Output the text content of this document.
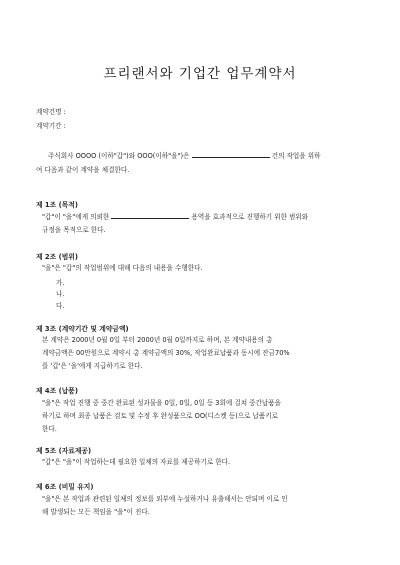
프리랜서와 기업간 업무계약서
계약건명 :
계약기간 :
주식회사 OOOO (이하"갑")와 OOO(이하"을")은	건의 작업을 위하
여 다음과 같이 계약을 체결한다.
제 1조 (목적)
"갑"이 "을"에게 의뢰한	용역을 효과적으로 진행하기 위한 범위와
규정을 목적으로 한다.
제 2조 (범위)
"을"은 "갑"의 작업범위에 대해 다음의 내용을 수행한다.
가.
나.
다.
제 3조 (계약기간 및 계약금액)
본 계약은 2000년 0월 0일 부터 2000년 0월 0일까지로 하며, 본 계약내용의 총
계약금액은 00만원으로 계약시 총 계약금액의 30%, 작업완료납품과 동시에 잔금70%
를 '갑'은 '을'에게 지급하기로 한다.
제 4조 (납품)
"을"은 작업 진행 중 중간 완료된 성과물을 0일, 0일, 0일 등 3회에 걸쳐 중간납품을
하기로 하며 최종 납품은 검토 및 수정 후 완성품으로 OO(디스켓 등)으로 납품키로
한다.
제 5조 (자료제공)
"갑"은 "을"이 작업하는데 필요한 일체의 자료를 제공하기로 한다.
제 6조 (비밀 유지)
"을"은 본 작업과 관련된 일체의 정보를 외부에 누설하거나 유출해서는 안되며 이로 인
해 발생되는 모든 책임을 "을"이 진다.
